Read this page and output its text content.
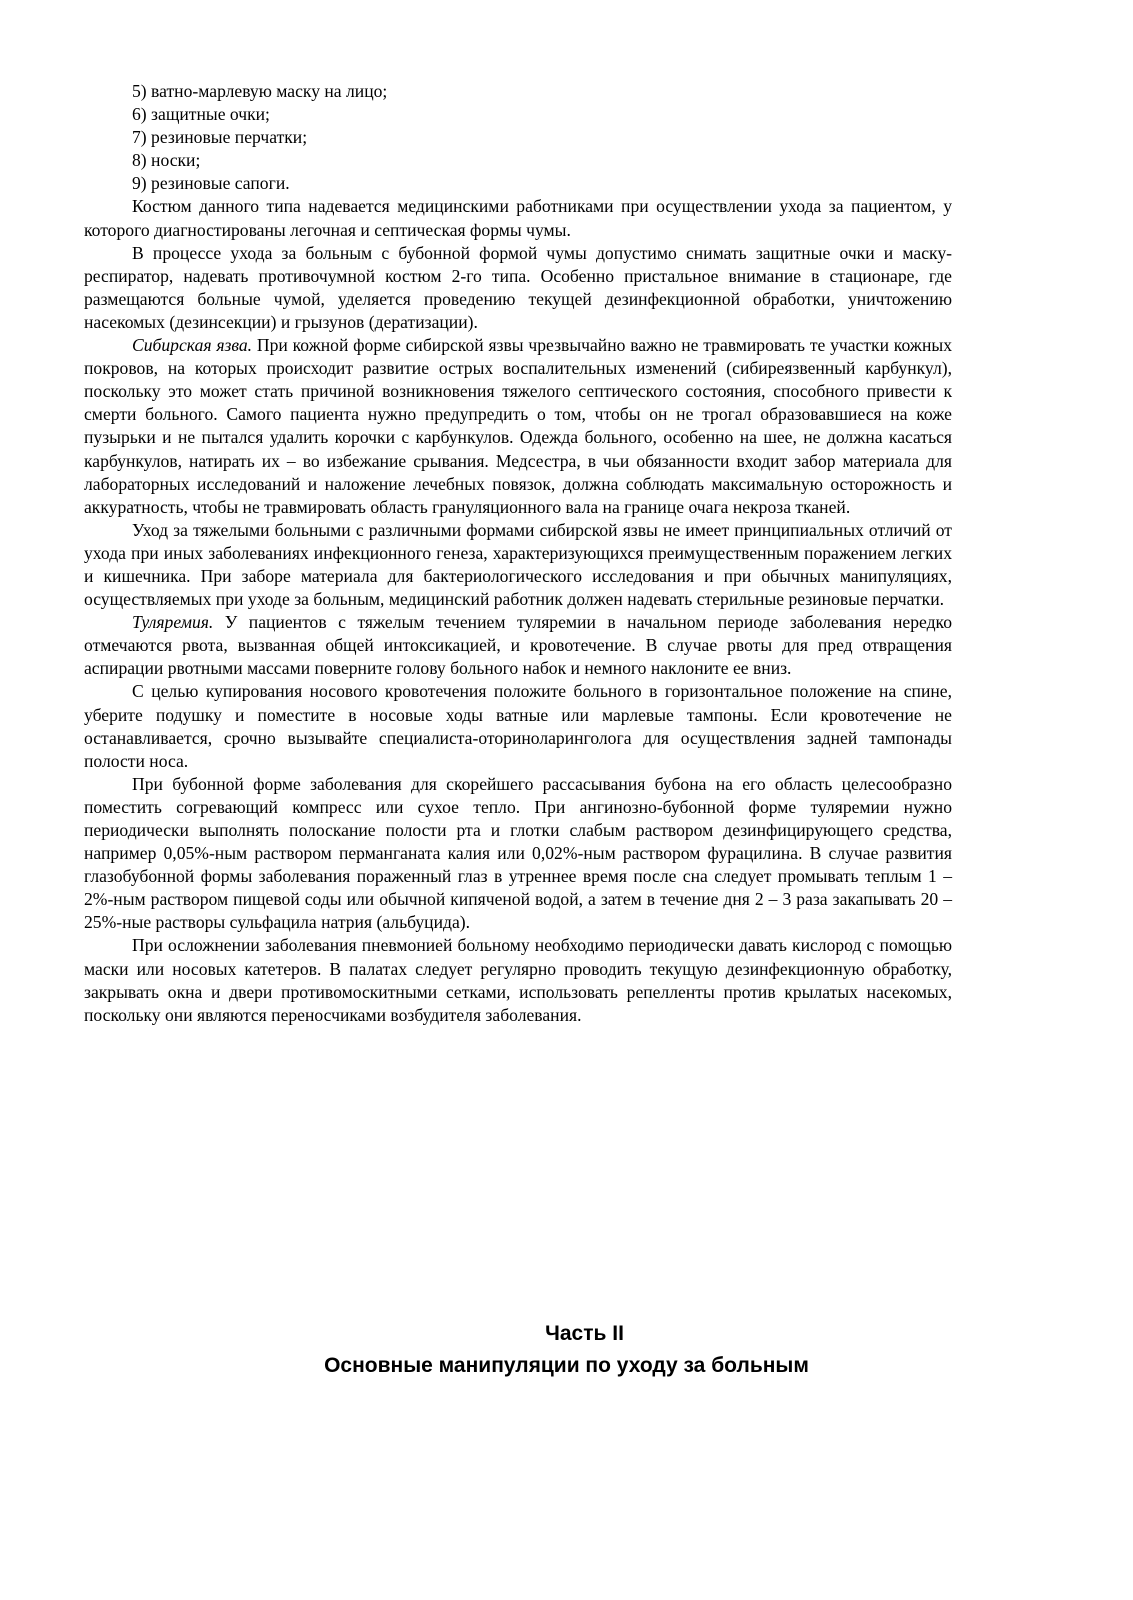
5) ватно-марлевую маску на лицо;

6) защитные очки;

7) резиновые перчатки;

8) носки;

9) резиновые сапоги.

Костюм данного типа надевается медицинскими работниками при осуществлении ухода за пациентом, у которого диагностированы легочная и септическая формы чумы.

В процессе ухода за больным с бубонной формой чумы допустимо снимать защитные очки и маску-респиратор, надевать противочумной костюм 2-го типа. Особенно пристальное внимание в стационаре, где размещаются больные чумой, уделяется проведению текущей дезинфекционной обработки, уничтожению насекомых (дезинсекции) и грызунов (дератизации).

Сибирская язва. При кожной форме сибирской язвы чрезвычайно важно не травмировать те участки кожных покровов, на которых происходит развитие острых воспалительных изменений (сибиреязвенный карбункул), поскольку это может стать причиной возникновения тяжелого септического состояния, способного привести к смерти больного. Самого пациента нужно предупредить о том, чтобы он не трогал образовавшиеся на коже пузырьки и не пытался удалить корочки с карбункулов. Одежда больного, особенно на шее, не должна касаться карбункулов, натирать их – во избежание срывания. Медсестра, в чьи обязанности входит забор материала для лабораторных исследований и наложение лечебных повязок, должна соблюдать максимальную осторожность и аккуратность, чтобы не травмировать область грануляционного вала на границе очага некроза тканей.

Уход за тяжелыми больными с различными формами сибирской язвы не имеет принципиальных отличий от ухода при иных заболеваниях инфекционного генеза, характеризующихся преимущественным поражением легких и кишечника. При заборе материала для бактериологического исследования и при обычных манипуляциях, осуществляемых при уходе за больным, медицинский работник должен надевать стерильные резиновые перчатки.

Туляремия. У пациентов с тяжелым течением туляремии в начальном периоде заболевания нередко отмечаются рвота, вызванная общей интоксикацией, и кровотечение. В случае рвоты для пред отвращения аспирации рвотными массами поверните голову больного набок и немного наклоните ее вниз.

С целью купирования носового кровотечения положите больного в горизонтальное положение на спине, уберите подушку и поместите в носовые ходы ватные или марлевые тампоны. Если кровотечение не останавливается, срочно вызывайте специалиста-оториноларинголога для осуществления задней тампонады полости носа.

При бубонной форме заболевания для скорейшего рассасывания бубона на его область целесообразно поместить согревающий компресс или сухое тепло. При ангинозно-бубонной форме туляремии нужно периодически выполнять полоскание полости рта и глотки слабым раствором дезинфицирующего средства, например 0,05%-ным раствором перманганата калия или 0,02%-ным раствором фурацилина. В случае развития глазобубонной формы заболевания пораженный глаз в утреннее время после сна следует промывать теплым 1 – 2%-ным раствором пищевой соды или обычной кипяченой водой, а затем в течение дня 2 – 3 раза закапывать 20 – 25%-ные растворы сульфацила натрия (альбуцида).

При осложнении заболевания пневмонией больному необходимо периодически давать кислород с помощью маски или носовых катетеров. В палатах следует регулярно проводить текущую дезинфекционную обработку, закрывать окна и двери противомоскитными сетками, использовать репелленты против крылатых насекомых, поскольку они являются переносчиками возбудителя заболевания.

Часть II
Основные манипуляции по уходу за больным
